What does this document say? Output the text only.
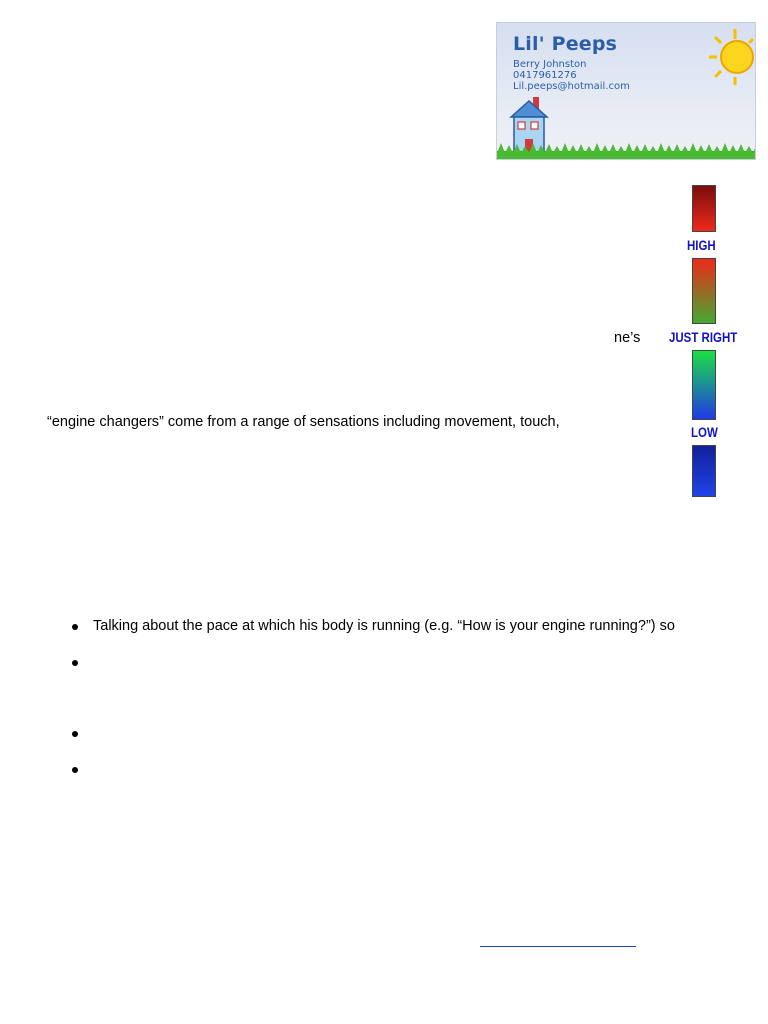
Lil' Peeps
Berry Johnston
0417961276
Lil.peeps@hotmail.com
HIGH
JUST RIGHT
LOW
ne’s
“engine changers” come from a range of sensations including movement, touch,
Talking about the pace at which his body is running (e.g. “How is your engine running?”) so
